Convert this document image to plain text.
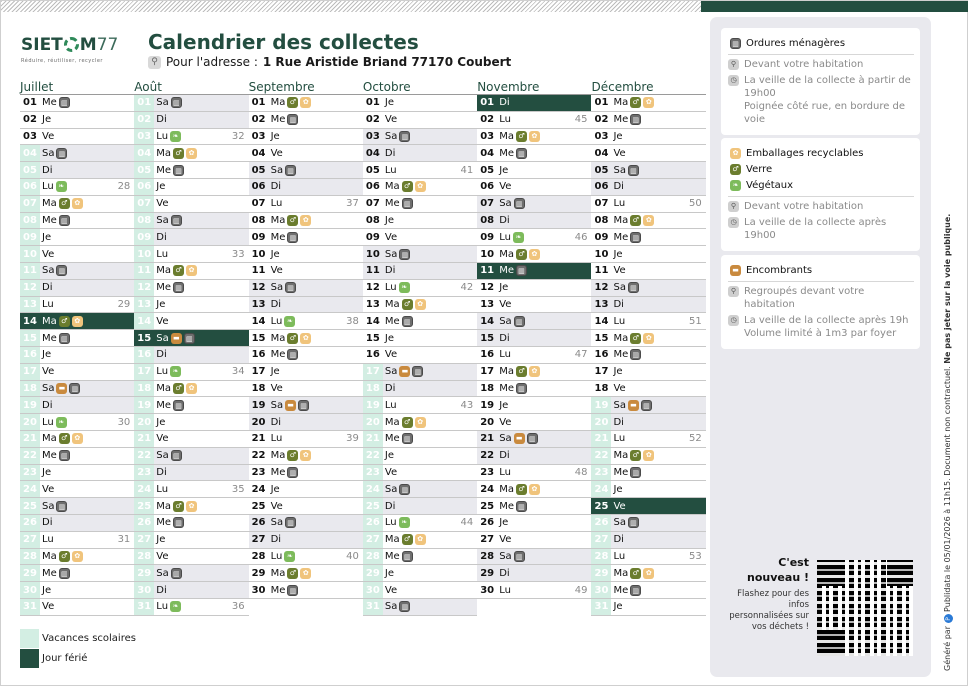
SIET M77
Réduire, réutiliser, recycler
Calendrier des collectes
⚲ Pour l'adresse : 1 Rue Aristide Briand 77170 Coubert
Juillet
01 Me ▥
02 Je
03 Ve
04 Sa ▥
05 Di
06 Lu ❧	28
07 Ma ♂ ✿
08 Me ▥
09 Je
10 Ve
11 Sa ▥
12 Di
13 Lu	29
14 Ma ♂ ✿
15 Me ▥
16 Je
17 Ve
18 Sa ▬ ▥
19 Di
20 Lu ❧	30
21 Ma ♂ ✿
22 Me ▥
23 Je
24 Ve
25 Sa ▥
26 Di
27 Lu	31
28 Ma ♂ ✿
29 Me ▥
30 Je
31 Ve
Août
01 Sa ▥
02 Di
03 Lu ❧	32
04 Ma ♂ ✿
05 Me ▥
06 Je
07 Ve
08 Sa ▥
09 Di
10 Lu	33
11 Ma ♂ ✿
12 Me ▥
13 Je
14 Ve
15 Sa ▬ ▥
16 Di
17 Lu ❧	34
18 Ma ♂ ✿
19 Me ▥
20 Je
21 Ve
22 Sa ▥
23 Di
24 Lu	35
25 Ma ♂ ✿
26 Me ▥
27 Je
28 Ve
29 Sa ▥
30 Di
31 Lu ❧	36
Septembre
01 Ma ♂ ✿
02 Me ▥
03 Je
04 Ve
05 Sa ▥
06 Di
07 Lu	37
08 Ma ♂ ✿
09 Me ▥
10 Je
11 Ve
12 Sa ▥
13 Di
14 Lu ❧	38
15 Ma ♂ ✿
16 Me ▥
17 Je
18 Ve
19 Sa ▬ ▥
20 Di
21 Lu	39
22 Ma ♂ ✿
23 Me ▥
24 Je
25 Ve
26 Sa ▥
27 Di
28 Lu ❧	40
29 Ma ♂ ✿
30 Me ▥
Octobre
01 Je
02 Ve
03 Sa ▥
04 Di
05 Lu	41
06 Ma ♂ ✿
07 Me ▥
08 Je
09 Ve
10 Sa ▥
11 Di
12 Lu ❧	42
13 Ma ♂ ✿
14 Me ▥
15 Je
16 Ve
17 Sa ▬ ▥
18 Di
19 Lu	43
20 Ma ♂ ✿
21 Me ▥
22 Je
23 Ve
24 Sa ▥
25 Di
26 Lu ❧	44
27 Ma ♂ ✿
28 Me ▥
29 Je
30 Ve
31 Sa ▥
Novembre
01 Di
02 Lu	45
03 Ma ♂ ✿
04 Me ▥
05 Je
06 Ve
07 Sa ▥
08 Di
09 Lu ❧	46
10 Ma ♂ ✿
11 Me ▥
12 Je
13 Ve
14 Sa ▥
15 Di
16 Lu	47
17 Ma ♂ ✿
18 Me ▥
19 Je
20 Ve
21 Sa ▬ ▥
22 Di
23 Lu	48
24 Ma ♂ ✿
25 Me ▥
26 Je
27 Ve
28 Sa ▥
29 Di
30 Lu	49
Décembre
01 Ma ♂ ✿
02 Me ▥
03 Je
04 Ve
05 Sa ▥
06 Di
07 Lu	50
08 Ma ♂ ✿
09 Me ▥
10 Je
11 Ve
12 Sa ▥
13 Di
14 Lu	51
15 Ma ♂ ✿
16 Me ▥
17 Je
18 Ve
19 Sa ▬ ▥
20 Di
21 Lu	52
22 Ma ♂ ✿
23 Me ▥
24 Je
25 Ve
26 Sa ▥
27 Di
28 Lu	53
29 Ma ♂ ✿
30 Me ▥
31 Je
Vacances scolaires
Jour férié
▥ Ordures ménagères
⚲ Devant votre habitation
◷ La veille de la collecte à partir de 19h00
Poignée côté rue, en bordure de voie
✿ Emballages recyclables
♂ Verre
❧ Végétaux
⚲ Devant votre habitation
◷ La veille de la collecte après 19h00
▬ Encombrants
⚲ Regroupés devant votre habitation
◷ La veille de la collecte après 19h
Volume limité à 1m3 par foyer
C'est nouveau !
Flashez pour des infos personnalisées sur vos déchets !	Généré par P Publidata le 05/01/2026 à 11h15. Document non contractuel. Ne pas jeter sur la voie publique.
